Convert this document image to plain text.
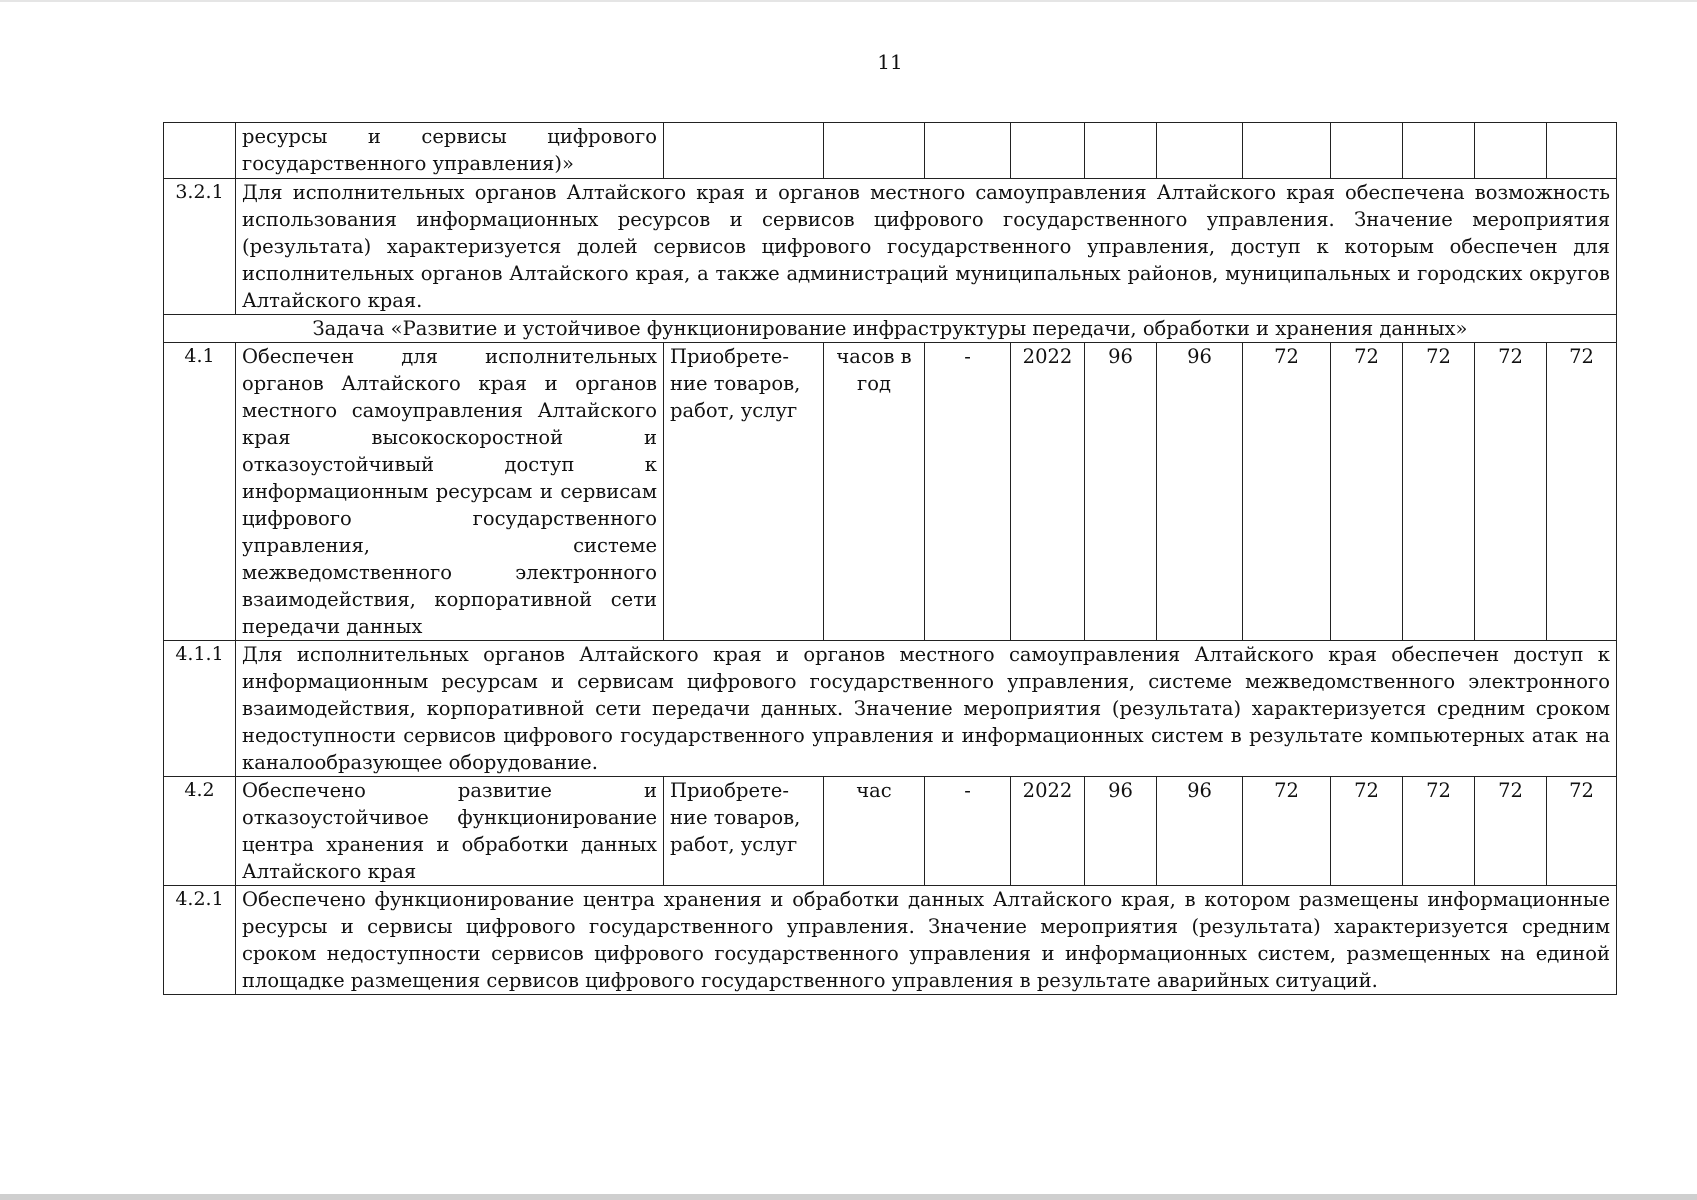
11
	ресурсы и сервисы цифрового государственного управления)»											
3.2.1	Для исполнительных органов Алтайского края и органов местного самоуправления Алтайского края обеспечена возможность использования информационных ресурсов и сервисов цифрового государственного управления. Значение мероприятия (результата) характеризуется долей сервисов цифрового государственного управления, доступ к которым обеспечен для исполнительных органов Алтайского края, а также администраций муниципальных районов, муниципальных и городских округов Алтайского края.											
Задача «Развитие и устойчивое функционирование инфраструктуры передачи, обработки и хранения данных»												
4.1	Обеспечен для исполнительных органов Алтайского края и органов местного самоуправления Алтайского края высокоскоростной и отказоустойчивый доступ к информационным ресурсам и сервисам цифрового государственного управления, системе межведомственного электронного взаимодействия, корпоративной сети передачи данных	Приобрете-ние товаров, работ, услуг	часов в год	-	2022	96	96	72	72	72	72	72
4.1.1	Для исполнительных органов Алтайского края и органов местного самоуправления Алтайского края обеспечен доступ к информационным ресурсам и сервисам цифрового государственного управления, системе межведомственного электронного взаимодействия, корпоративной сети передачи данных. Значение мероприятия (результата) характеризуется средним сроком недоступности сервисов цифрового государственного управления и информационных систем в результате компьютерных атак на каналообразующее оборудование.											
4.2	Обеспечено развитие и отказоустойчивое функционирование центра хранения и обработки данных Алтайского края	Приобрете-ние товаров, работ, услуг	час	-	2022	96	96	72	72	72	72	72
4.2.1	Обеспечено функционирование центра хранения и обработки данных Алтайского края, в котором размещены информационные ресурсы и сервисы цифрового государственного управления. Значение мероприятия (результата) характеризуется средним сроком недоступности сервисов цифрового государственного управления и информационных систем, размещенных на единой площадке размещения сервисов цифрового государственного управления в результате аварийных ситуаций.											
